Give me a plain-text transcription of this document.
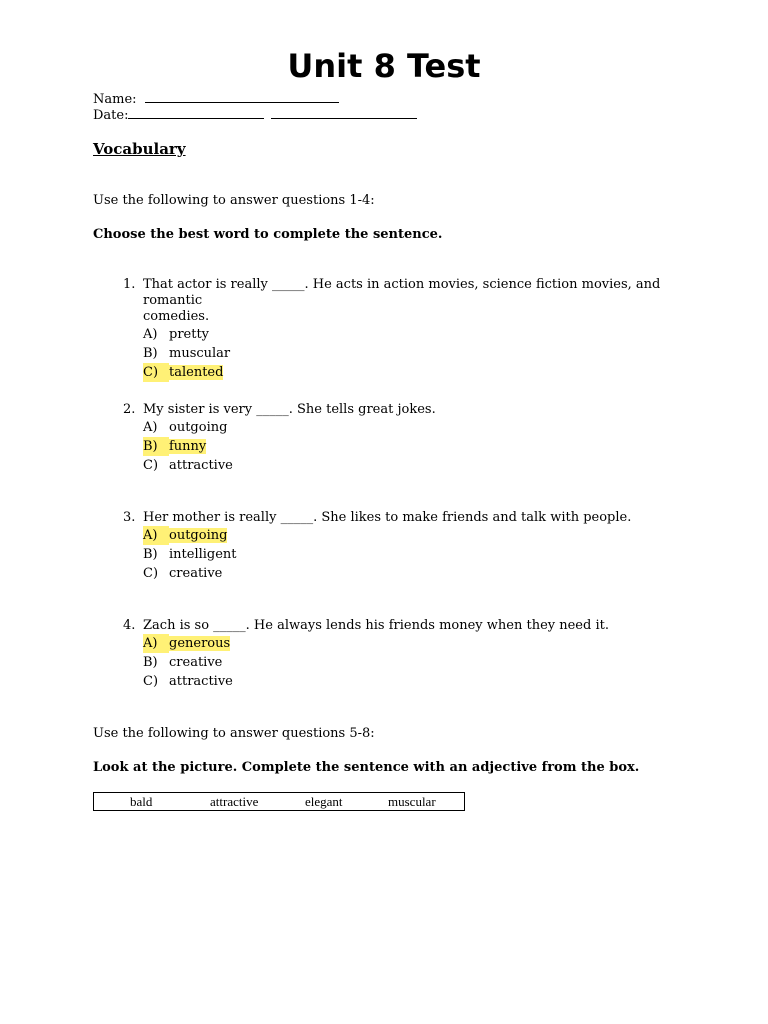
Unit 8 Test
Name:
Date:
Vocabulary
Use the following to answer questions 1-4:
Choose the best word to complete the sentence.
1. That actor is really _____. He acts in action movies, science fiction movies, and romantic
comedies.
A) pretty
B) muscular
C) talented
2. My sister is very _____. She tells great jokes.
A) outgoing
B) funny
C) attractive
3. Her mother is really _____. She likes to make friends and talk with people.
A) outgoing
B) intelligent
C) creative
4. Zach is so _____. He always lends his friends money when they need it.
A) generous
B) creative
C) attractive
Use the following to answer questions 5-8:
Look at the picture. Complete the sentence with an adjective from the box.
bald	attractive	elegant	muscular
